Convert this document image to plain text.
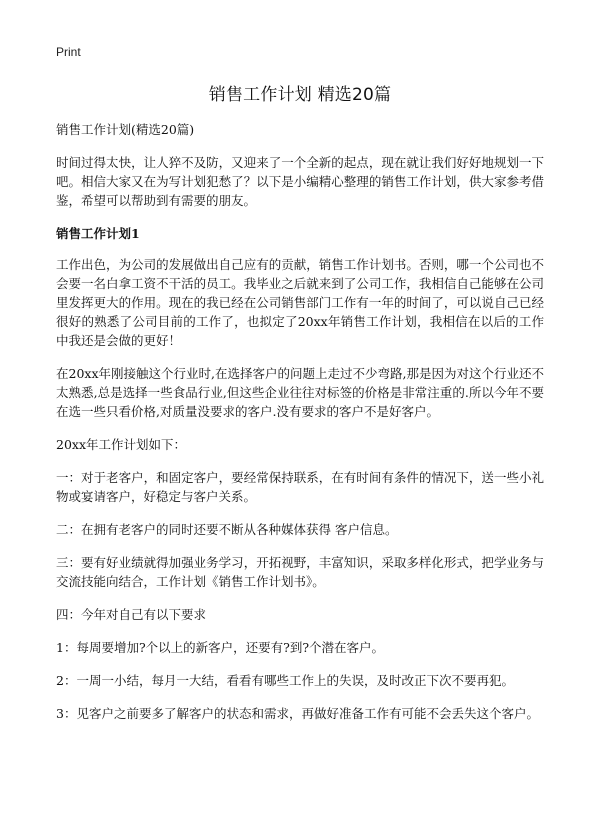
Print
销售工作计划 精选20篇

销售工作计划(精选20篇)

时间过得太快，让人猝不及防，又迎来了一个全新的起点，现在就让我们好好地规划一下吧。相信大家又在为写计划犯愁了？以下是小编精心整理的销售工作计划，供大家参考借鉴，希望可以帮助到有需要的朋友。

销售工作计划1

工作出色，为公司的发展做出自己应有的贡献，销售工作计划书。否则，哪一个公司也不会要一名白拿工资不干活的员工。我毕业之后就来到了公司工作，我相信自己能够在公司里发挥更大的作用。现在的我已经在公司销售部门工作有一年的时间了，可以说自己已经很好的熟悉了公司目前的工作了，也拟定了20xx年销售工作计划，我相信在以后的工作中我还是会做的更好！

在20xx年刚接触这个行业时,在选择客户的问题上走过不少弯路,那是因为对这个行业还不太熟悉,总是选择一些食品行业,但这些企业往往对标签的价格是非常注重的.所以今年不要在选一些只看价格,对质量没要求的客户.没有要求的客户不是好客户。

20xx年工作计划如下：

一：对于老客户，和固定客户，要经常保持联系，在有时间有条件的情况下，送一些小礼物或宴请客户，好稳定与客户关系。

二：在拥有老客户的同时还要不断从各种媒体获得 客户信息。

三：要有好业绩就得加强业务学习，开拓视野，丰富知识，采取多样化形式，把学业务与交流技能向结合，工作计划《销售工作计划书》。

四：今年对自己有以下要求

1：每周要增加?个以上的新客户，还要有?到?个潜在客户。

2：一周一小结，每月一大结，看看有哪些工作上的失误，及时改正下次不要再犯。

3：见客户之前要多了解客户的状态和需求，再做好准备工作有可能不会丢失这个客户。
